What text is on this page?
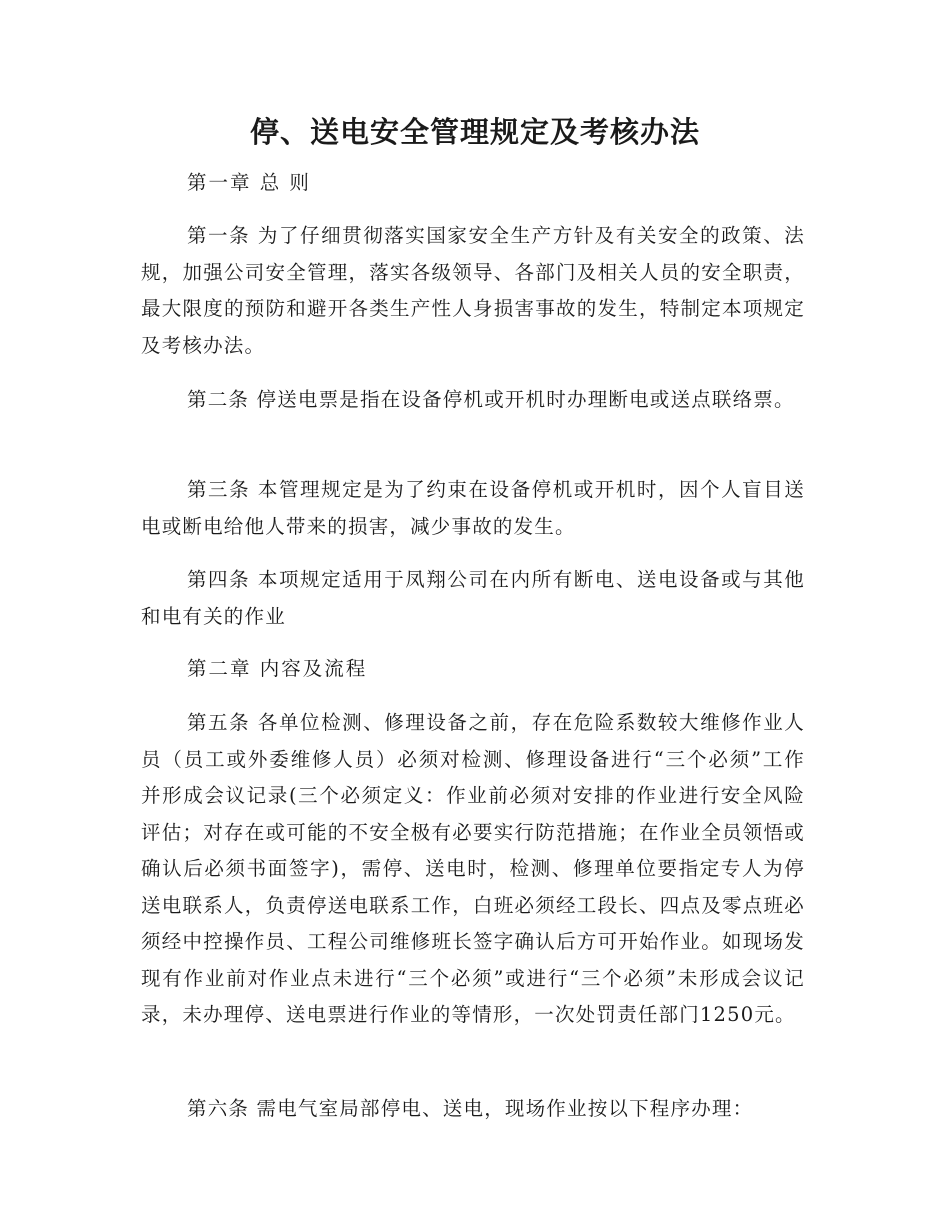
停、送电安全管理规定及考核办法

第一章 总 则

第一条 为了仔细贯彻落实国家安全生产方针及有关安全的政策、法规，加强公司安全管理，落实各级领导、各部门及相关人员的安全职责，最大限度的预防和避开各类生产性人身损害事故的发生，特制定本项规定及考核办法。

第二条 停送电票是指在设备停机或开机时办理断电或送点联络票。

第三条 本管理规定是为了约束在设备停机或开机时，因个人盲目送电或断电给他人带来的损害，减少事故的发生。

第四条 本项规定适用于凤翔公司在内所有断电、送电设备或与其他和电有关的作业

第二章 内容及流程

第五条 各单位检测、修理设备之前，存在危险系数较大维修作业人员（员工或外委维修人员）必须对检测、修理设备进行“三个必须”工作并形成会议记录(三个必须定义：作业前必须对安排的作业进行安全风险评估；对存在或可能的不安全极有必要实行防范措施；在作业全员领悟或确认后必须书面签字)，需停、送电时，检测、修理单位要指定专人为停送电联系人，负责停送电联系工作，白班必须经工段长、四点及零点班必须经中控操作员、工程公司维修班长签字确认后方可开始作业。如现场发现有作业前对作业点未进行“三个必须”或进行“三个必须”未形成会议记录，未办理停、送电票进行作业的等情形，一次处罚责任部门1250元。

第六条 需电气室局部停电、送电，现场作业按以下程序办理：
